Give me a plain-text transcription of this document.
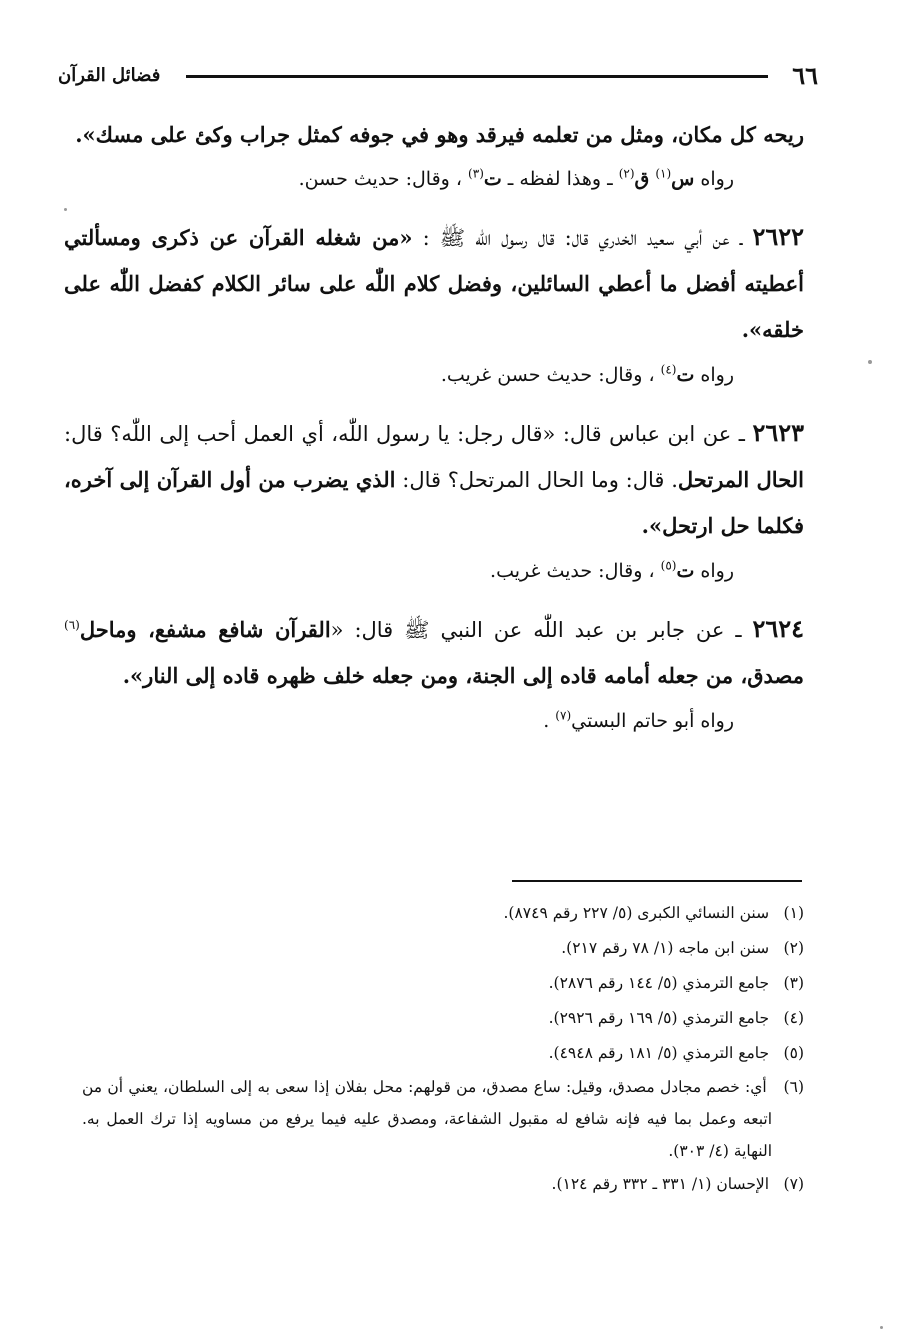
٦٦
فضائل القرآن

ريحه كل مكان، ومثل من تعلمه فيرقد وهو في جوفه كمثل جراب وكئ على مسك».

رواه س$^{(١)}$ ق$^{(٢)}$ ـ وهذا لفظه ـ ت$^{(٣)}$ ، وقال: حديث حسن.

٢٦٢٢ ـ عن أبي سعيد الخدري قال: قال رسول اللّٰه ﷺ : «من شغله القرآن عن ذكرى ومسألتي أعطيته أفضل ما أعطي السائلين، وفضل كلام اللّٰه على سائر الكلام كفضل اللّٰه على خلقه».

رواه ت$^{(٤)}$ ، وقال: حديث حسن غريب.

٢٦٢٣ ـ عن ابن عباس قال: «قال رجل: يا رسول اللّٰه، أي العمل أحب إلى اللّٰه؟ قال: الحال المرتحل. قال: وما الحال المرتحل؟ قال: الذي يضرب من أول القرآن إلى آخره، فكلما حل ارتحل».

رواه ت$^{(٥)}$ ، وقال: حديث غريب.

٢٦٢٤ ـ عن جابر بن عبد اللّٰه عن النبي ﷺ قال: «القرآن شافع مشفع، وماحل$^{(٦)}$ مصدق، من جعله أمامه قاده إلى الجنة، ومن جعله خلف ظهره قاده إلى النار».

رواه أبو حاتم البستي$^{(٧)}$ .

(١) سنن النسائي الكبرى (٥/ ٢٢٧ رقم ٨٧٤٩).

(٢) سنن ابن ماجه (١/ ٧٨ رقم ٢١٧).

(٣) جامع الترمذي (٥/ ١٤٤ رقم ٢٨٧٦).

(٤) جامع الترمذي (٥/ ١٦٩ رقم ٢٩٢٦).

(٥) جامع الترمذي (٥/ ١٨١ رقم ٤٩٤٨).

(٦) أي: خصم مجادل مصدق، وقيل: ساع مصدق، من قولهم: محل بفلان إذا سعى به إلى السلطان، يعني أن من اتبعه وعمل بما فيه فإنه شافع له مقبول الشفاعة، ومصدق عليه فيما يرفع من مساويه إذا ترك العمل به. النهاية (٤/ ٣٠٣).

(٧) الإحسان (١/ ٣٣١ ـ ٣٣٢ رقم ١٢٤).
